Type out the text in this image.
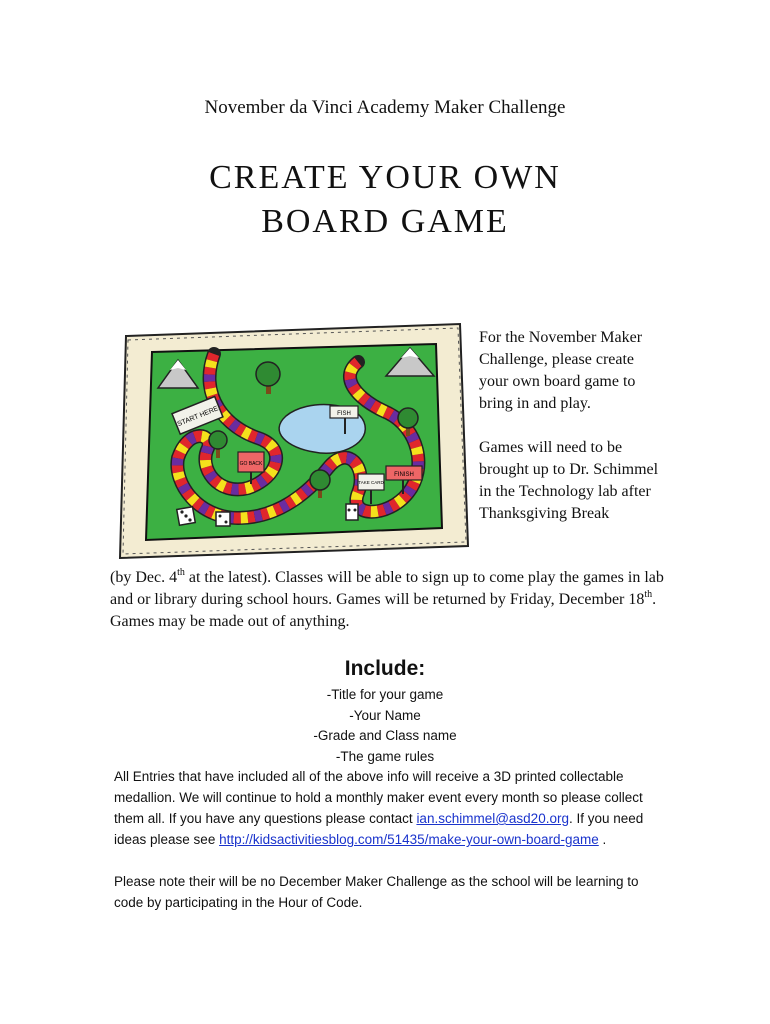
November da Vinci Academy Maker Challenge
CREATE YOUR OWN
BOARD GAME
START HERE	FISH
GO BACK
TAKE CARD
FINISH

For the November Maker Challenge, please create your own board game to bring in and play.

Games will need to be brought up to Dr. Schimmel in the Technology lab after Thanksgiving Break

(by Dec. 4th at the latest). Classes will be able to sign up to come play the games in lab and or library during school hours. Games will be returned by Friday, December 18th. Games may be made out of anything.
Include:
-Title for your game
-Your Name
-Grade and Class name
-The game rules

All Entries that have included all of the above info will receive a 3D printed collectable medallion. We will continue to hold a monthly maker event every month so please collect them all. If you have any questions please contact ian.schimmel@asd20.org. If you need ideas please see http://kidsactivitiesblog.com/51435/make-your-own-board-game .

Please note their will be no December Maker Challenge as the school will be learning to code by participating in the Hour of Code.
